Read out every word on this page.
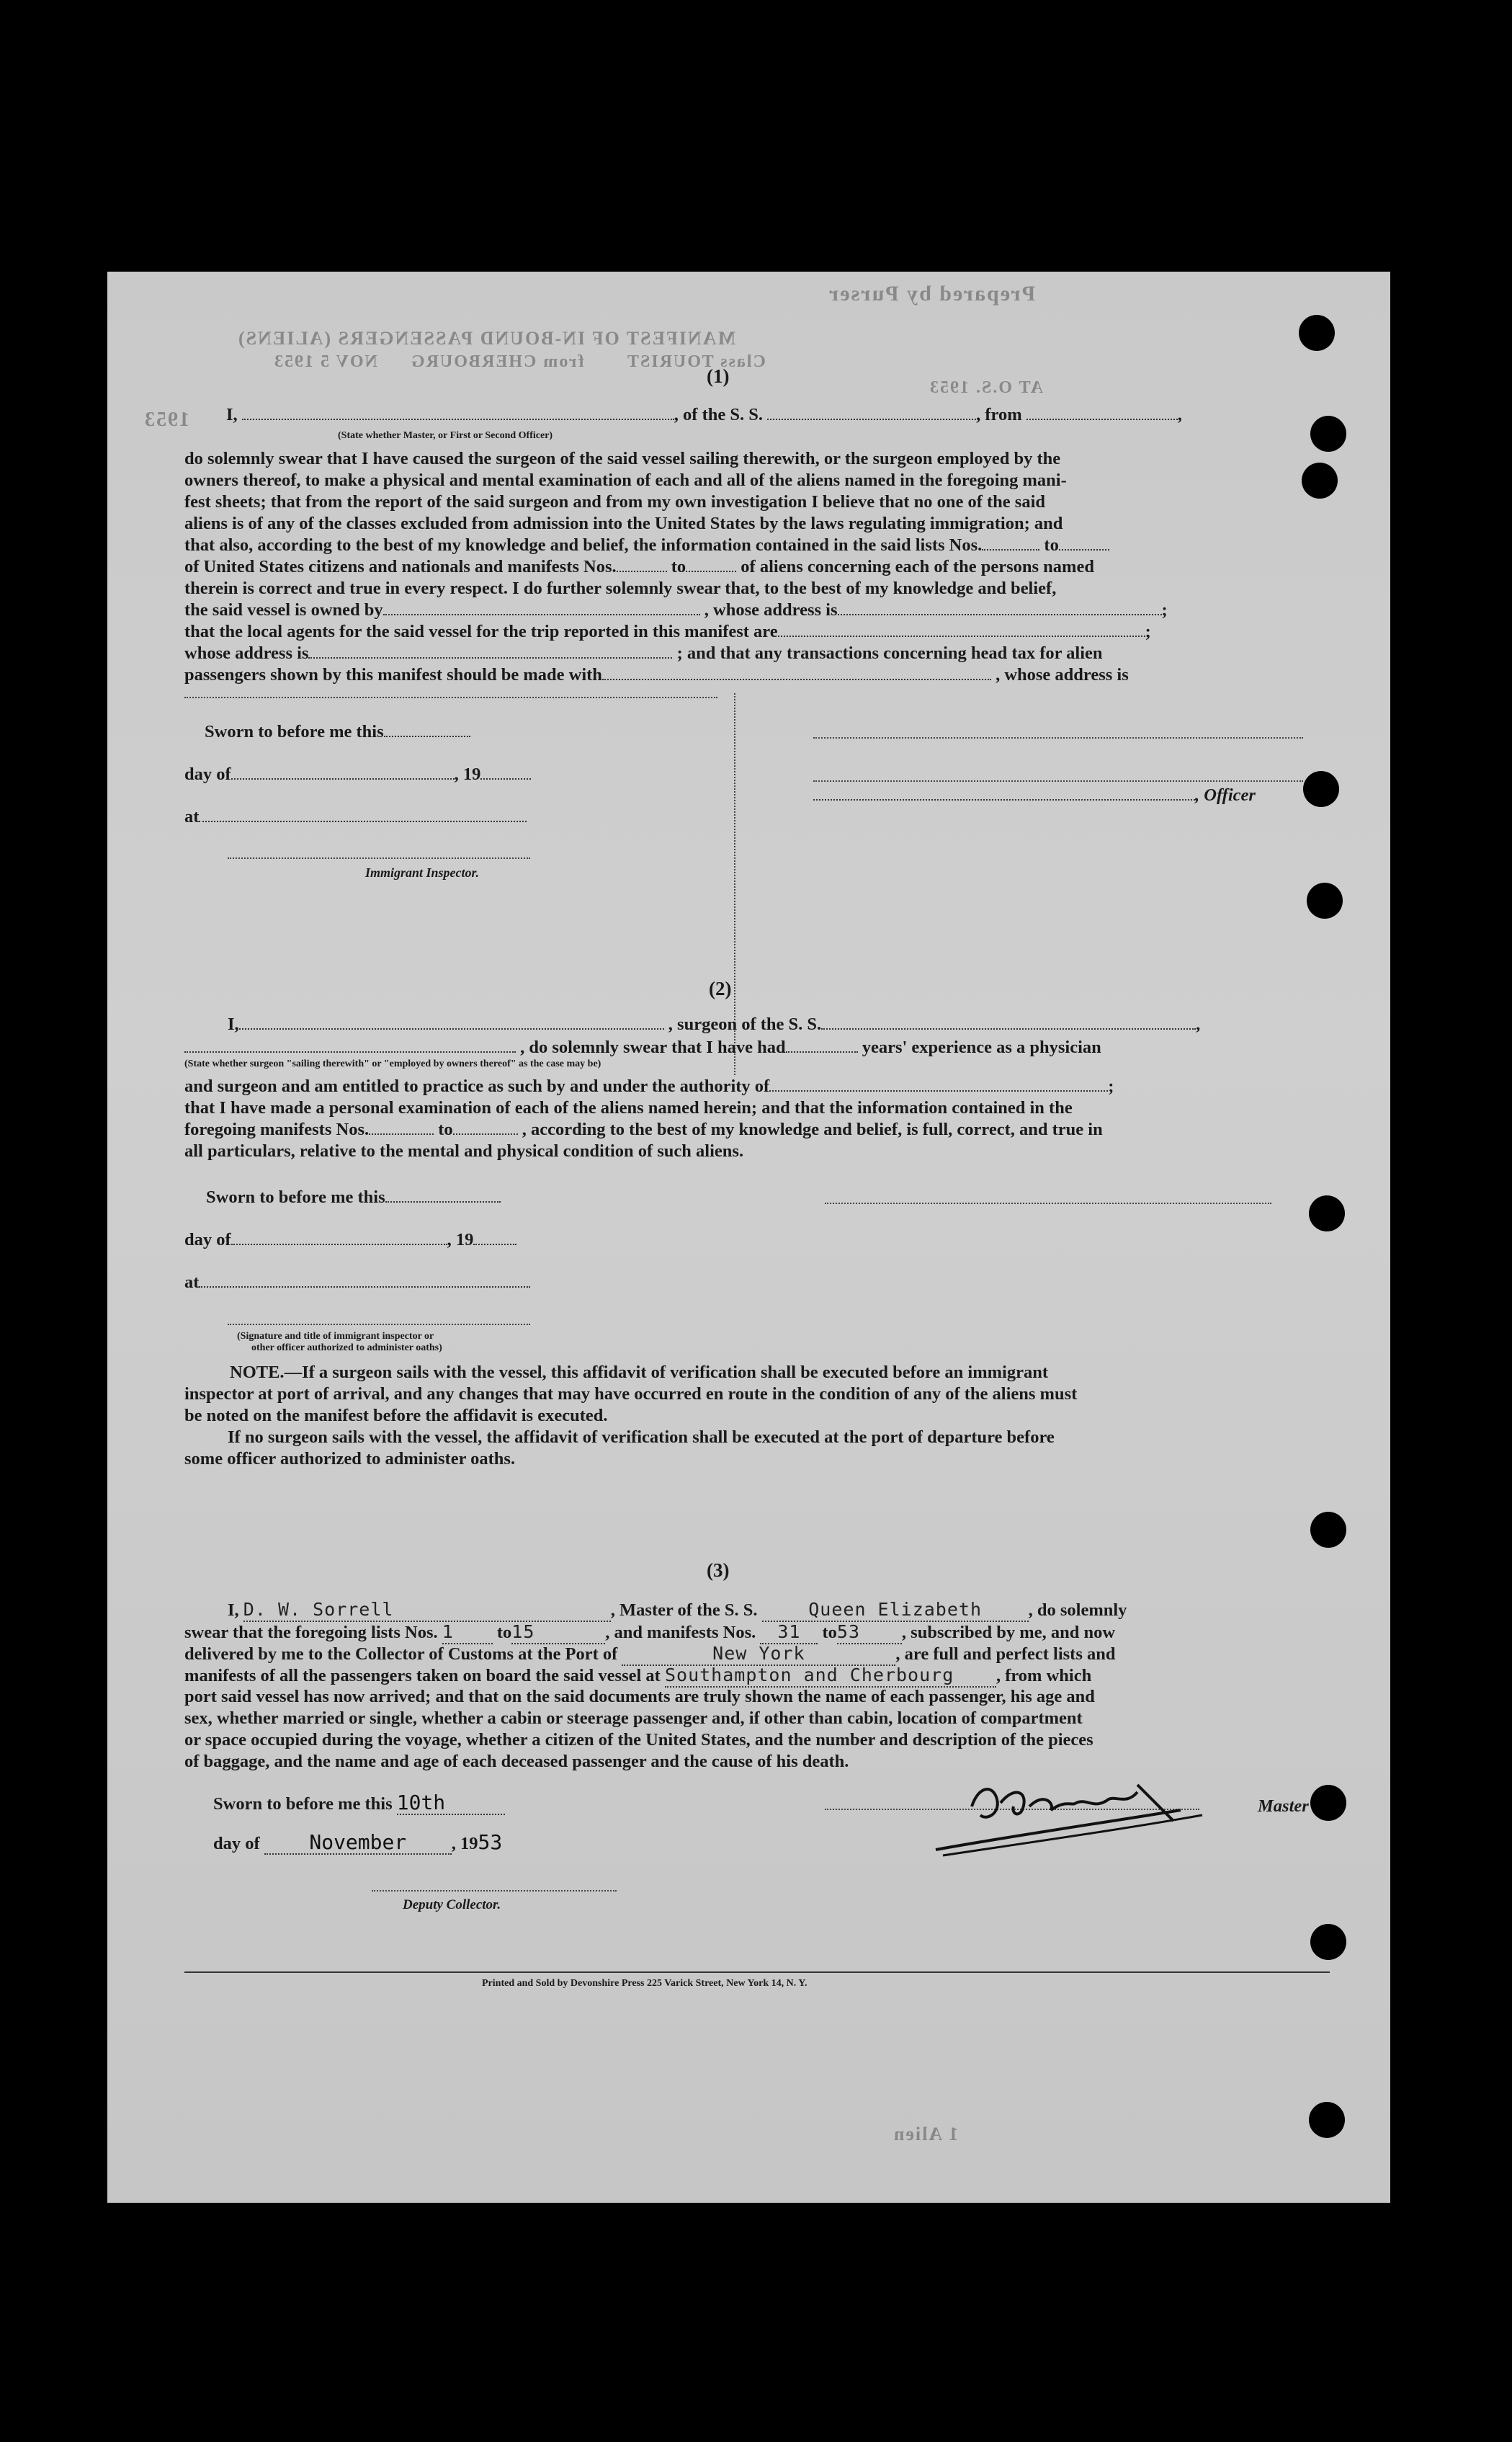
MANIFEST OF IN-BOUND PASSENGERS (ALIENS)
Prepared by Purser
Class TOURIST
NOV 5 1953 from CHERBOURG
AT O.S. 1953
1953
(1)
I,	, of the S. S.	, from	,
(State whether Master, or First or Second Officer)
do solemnly swear that I have caused the surgeon of the said vessel sailing therewith, or the surgeon employed by the
owners thereof, to make a physical and mental examination of each and all of the aliens named in the foregoing mani-
fest sheets; that from the report of the said surgeon and from my own investigation I believe that no one of the said
aliens is of any of the classes excluded from admission into the United States by the laws regulating immigration; and
that also, according to the best of my knowledge and belief, the information contained in the said lists Nos.	to
of United States citizens and nationals and manifests Nos.	to	of aliens concerning each of the persons named
therein is correct and true in every respect. I do further solemnly swear that, to the best of my knowledge and belief,
the said vessel is owned by	, whose address is	;
that the local agents for the said vessel for the trip reported in this manifest are	;
whose address is	; and that any transactions concerning head tax for alien
passengers shown by this manifest should be made with	, whose address is
Sworn to before me this
day of	, 19
at
, Officer
Immigrant Inspector.
(2)
I,	, surgeon of the S. S.	,
, do solemnly swear that I have had	years' experience as a physician
(State whether surgeon "sailing therewith" or "employed by owners thereof" as the case may be)
and surgeon and am entitled to practice as such by and under the authority of	;
that I have made a personal examination of each of the aliens named herein; and that the information contained in the
foregoing manifests Nos.	to	, according to the best of my knowledge and belief, is full, correct, and true in
all particulars, relative to the mental and physical condition of such aliens.
Sworn to before me this
day of	, 19
at
(Signature and title of immigrant inspector or
other officer authorized to administer oaths)
NOTE.—If a surgeon sails with the vessel, this affidavit of verification shall be executed before an immigrant
inspector at port of arrival, and any changes that may have occurred en route in the condition of any of the aliens must
be noted on the manifest before the affidavit is executed.
If no surgeon sails with the vessel, the affidavit of verification shall be executed at the port of departure before
some officer authorized to administer oaths.
(3)
I, D. W. Sorrell	, Master of the S. S.	Queen Elizabeth	, do solemnly
swear that the foregoing lists Nos. 1 to15	, and manifests Nos. 31 to53 , subscribed by me, and now
delivered by me to the Collector of Customs at the Port of	New York	, are full and perfect lists and
manifests of all the passengers taken on board the said vessel at Southampton and Cherbourg , from which
port said vessel has now arrived; and that on the said documents are truly shown the name of each passenger, his age and
sex, whether married or single, whether a cabin or steerage passenger and, if other than cabin, location of compartment
or space occupied during the voyage, whether a citizen of the United States, and the number and description of the pieces
of baggage, and the name and age of each deceased passenger and the cause of his death.
Sworn to before me this 10th	Master
day of November	, 1953
Deputy Collector.
Printed and Sold by Devonshire Press 225 Varick Street, New York 14, N. Y.
1 Alien
